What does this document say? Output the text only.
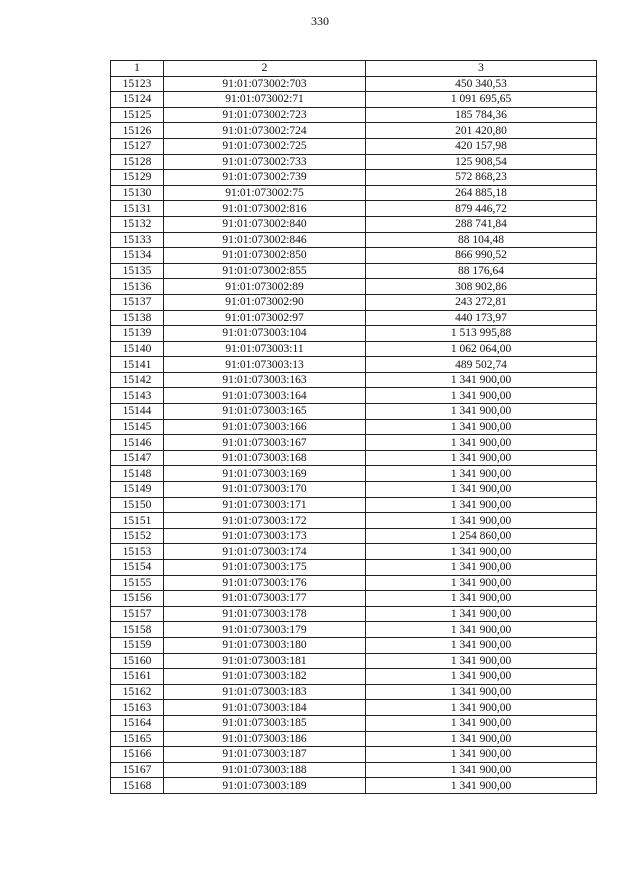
330
1	2	3
15123	91:01:073002:703	450 340,53
15124	91:01:073002:71	1 091 695,65
15125	91:01:073002:723	185 784,36
15126	91:01:073002:724	201 420,80
15127	91:01:073002:725	420 157,98
15128	91:01:073002:733	125 908,54
15129	91:01:073002:739	572 868,23
15130	91:01:073002:75	264 885,18
15131	91:01:073002:816	879 446,72
15132	91:01:073002:840	288 741,84
15133	91:01:073002:846	88 104,48
15134	91:01:073002:850	866 990,52
15135	91:01:073002:855	88 176,64
15136	91:01:073002:89	308 902,86
15137	91:01:073002:90	243 272,81
15138	91:01:073002:97	440 173,97
15139	91:01:073003:104	1 513 995,88
15140	91:01:073003:11	1 062 064,00
15141	91:01:073003:13	489 502,74
15142	91:01:073003:163	1 341 900,00
15143	91:01:073003:164	1 341 900,00
15144	91:01:073003:165	1 341 900,00
15145	91:01:073003:166	1 341 900,00
15146	91:01:073003:167	1 341 900,00
15147	91:01:073003:168	1 341 900,00
15148	91:01:073003:169	1 341 900,00
15149	91:01:073003:170	1 341 900,00
15150	91:01:073003:171	1 341 900,00
15151	91:01:073003:172	1 341 900,00
15152	91:01:073003:173	1 254 860,00
15153	91:01:073003:174	1 341 900,00
15154	91:01:073003:175	1 341 900,00
15155	91:01:073003:176	1 341 900,00
15156	91:01:073003:177	1 341 900,00
15157	91:01:073003:178	1 341 900,00
15158	91:01:073003:179	1 341 900,00
15159	91:01:073003:180	1 341 900,00
15160	91:01:073003:181	1 341 900,00
15161	91:01:073003:182	1 341 900,00
15162	91:01:073003:183	1 341 900,00
15163	91:01:073003:184	1 341 900,00
15164	91:01:073003:185	1 341 900,00
15165	91:01:073003:186	1 341 900,00
15166	91:01:073003:187	1 341 900,00
15167	91:01:073003:188	1 341 900,00
15168	91:01:073003:189	1 341 900,00
